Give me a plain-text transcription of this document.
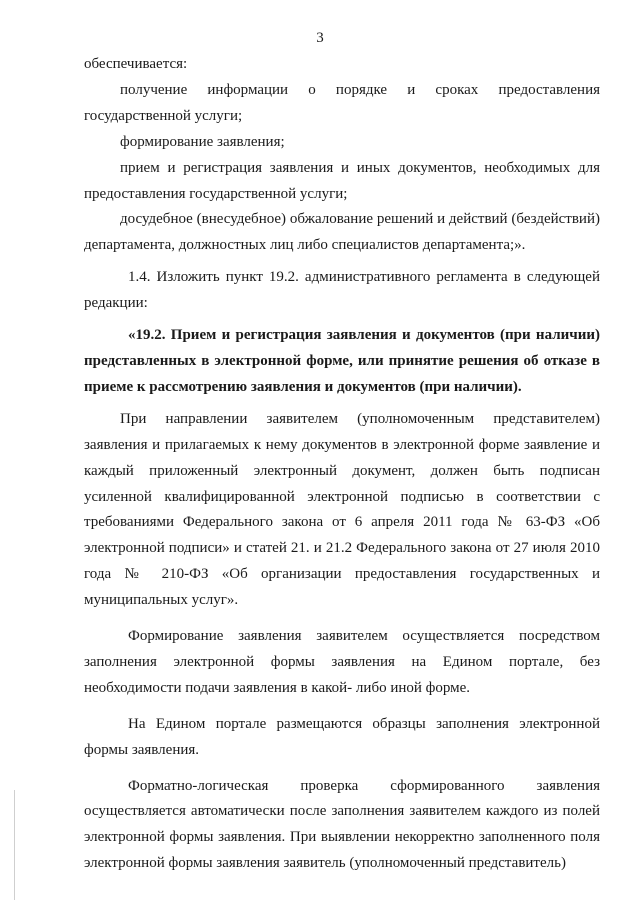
3

обеспечивается:

получение информации о порядке и сроках предоставления государственной услуги;

формирование заявления;

прием и регистрация заявления и иных документов, необходимых для предоставления государственной услуги;

досудебное (внесудебное) обжалование решений и действий (бездействий) департамента, должностных лиц либо специалистов департамента;».

1.4. Изложить пункт 19.2. административного регламента в следующей редакции:

«19.2. Прием и регистрация заявления и документов (при наличии) представленных в электронной форме, или принятие решения об отказе в приеме к рассмотрению заявления и документов (при наличии).

При направлении заявителем (уполномоченным представителем) заявления и прилагаемых к нему документов в электронной форме заявление и каждый приложенный электронный документ, должен быть подписан усиленной квалифицированной электронной подписью в соответствии с требованиями Федерального закона от 6 апреля 2011 года № 63-ФЗ «Об электронной подписи» и статей 21. и 21.2 Федерального закона от 27 июля 2010 года № 210-ФЗ «Об организации предоставления государственных и муниципальных услуг».

Формирование заявления заявителем осуществляется посредством заполнения электронной формы заявления на Едином портале, без необходимости подачи заявления в какой- либо иной форме.

На Едином портале размещаются образцы заполнения электронной формы заявления.

Форматно-логическая проверка сформированного заявления осуществляется автоматически после заполнения заявителем каждого из полей электронной формы заявления. При выявлении некорректно заполненного поля электронной формы заявления заявитель (уполномоченный представитель)
